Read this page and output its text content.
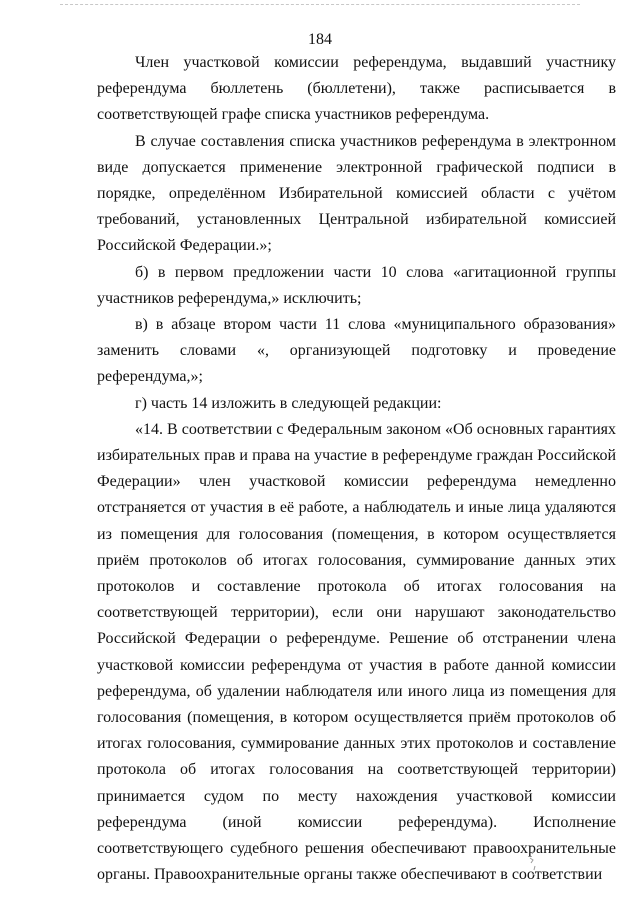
184

Член участковой комиссии референдума, выдавший участнику референдума бюллетень (бюллетени), также расписывается в соответствующей графе списка участников референдума.

В случае составления списка участников референдума в электронном виде допускается применение электронной графической подписи в порядке, определённом Избирательной комиссией области с учётом требований, установленных Центральной избирательной комиссией Российской Федерации.»;

б) в первом предложении части 10 слова «агитационной группы участников референдума,» исключить;

в) в абзаце втором части 11 слова «муниципального образования» заменить словами «, организующей подготовку и проведение референдума,»;

г) часть 14 изложить в следующей редакции:

«14. В соответствии с Федеральным законом «Об основных гарантиях избирательных прав и права на участие в референдуме граждан Российской Федерации» член участковой комиссии референдума немедленно отстраняется от участия в её работе, а наблюдатель и иные лица удаляются из помещения для голосования (помещения, в котором осуществляется приём протоколов об итогах голосования, суммирование данных этих протоколов и составление протокола об итогах голосования на соответствующей территории), если они нарушают законодательство Российской Федерации о референдуме. Решение об отстранении члена участковой комиссии референдума от участия в работе данной комиссии референдума, об удалении наблюдателя или иного лица из помещения для голосования (помещения, в котором осуществляется приём протоколов об итогах голосования, суммирование данных этих протоколов и составление протокола об итогах голосования на соответствующей территории) принимается судом по месту нахождения участковой комиссии референдума (иной комиссии референдума). Исполнение соответствующего судебного решения обеспечивают правоохранительные органы. Правоохранительные органы также обеспечивают в соответствии
